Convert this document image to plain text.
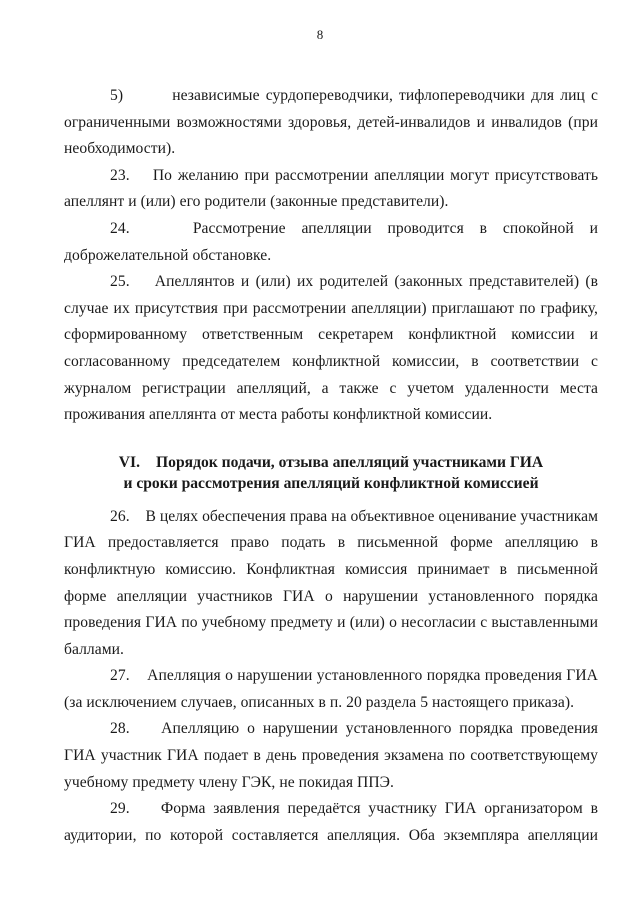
8

5)        независимые сурдопереводчики, тифлопереводчики для лиц с ограниченными возможностями здоровья, детей-инвалидов и инвалидов (при необходимости).

23.    По желанию при рассмотрении апелляции могут присутствовать апеллянт и (или) его родители (законные представители).

24.    Рассмотрение апелляции проводится в спокойной и доброжелательной обстановке.

25.    Апеллянтов и (или) их родителей (законных представителей) (в случае их присутствия при рассмотрении апелляции) приглашают по графику, сформированному ответственным секретарем конфликтной комиссии и согласованному председателем конфликтной комиссии, в соответствии с журналом регистрации апелляций, а также с учетом удаленности места проживания апеллянта от места работы конфликтной комиссии.

VI. Порядок подачи, отзыва апелляций участниками ГИА
и сроки рассмотрения апелляций конфликтной комиссией

26.    В целях обеспечения права на объективное оценивание участникам ГИА предоставляется право подать в письменной форме апелляцию в конфликтную комиссию. Конфликтная комиссия принимает в письменной форме апелляции участников ГИА о нарушении установленного порядка проведения ГИА по учебному предмету и (или) о несогласии с выставленными баллами.

27.    Апелляция о нарушении установленного порядка проведения ГИА (за исключением случаев, описанных в п. 20 раздела 5 настоящего приказа).

28.    Апелляцию о нарушении установленного порядка проведения ГИА участник ГИА подает в день проведения экзамена по соответствующему учебному предмету члену ГЭК, не покидая ППЭ.

29.    Форма заявления передаётся участнику ГИА организатором в аудитории, по которой составляется апелляция. Оба экземпляра апелляции
